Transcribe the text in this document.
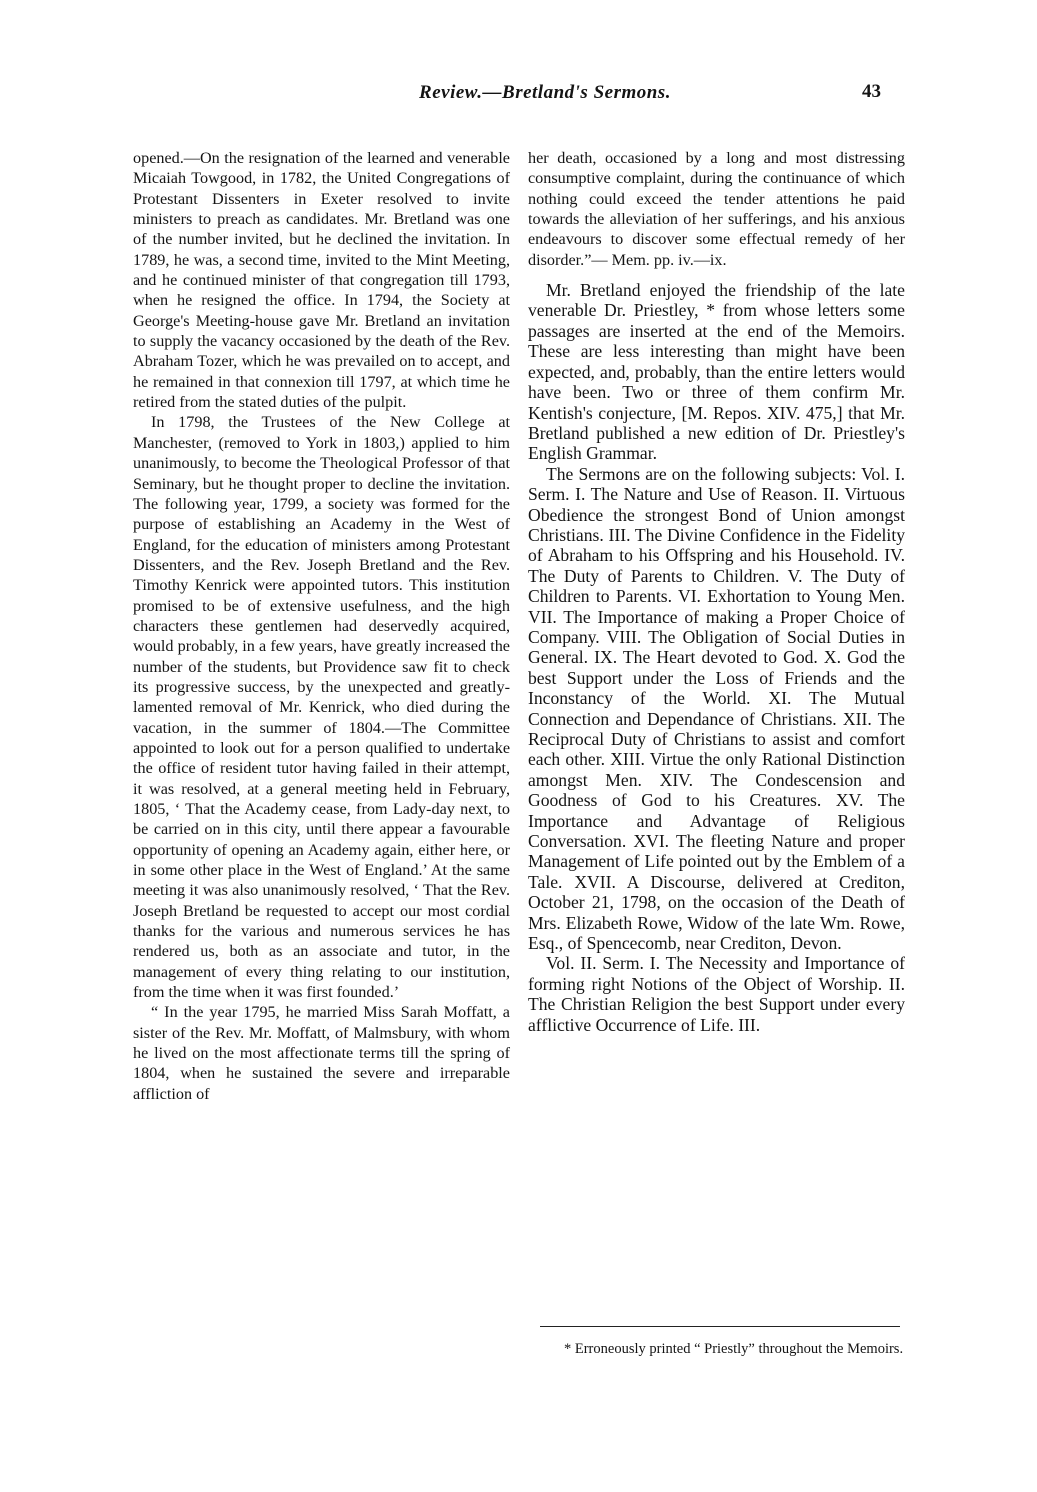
Review.—Bretland's Sermons.	43

opened.—On the resignation of the learned and venerable Micaiah Towgood, in 1782, the United Congregations of Protestant Dissenters in Exeter resolved to invite ministers to preach as candidates. Mr. Bretland was one of the number invited, but he declined the invitation. In 1789, he was, a second time, invited to the Mint Meeting, and he continued minister of that congregation till 1793, when he resigned the office. In 1794, the Society at George's Meeting-house gave Mr. Bretland an invitation to supply the vacancy occasioned by the death of the Rev. Abraham Tozer, which he was prevailed on to accept, and he remained in that connexion till 1797, at which time he retired from the stated duties of the pulpit.

In 1798, the Trustees of the New College at Manchester, (removed to York in 1803,) applied to him unanimously, to become the Theological Professor of that Seminary, but he thought proper to decline the invitation. The following year, 1799, a society was formed for the purpose of establishing an Academy in the West of England, for the education of ministers among Protestant Dissenters, and the Rev. Joseph Bretland and the Rev. Timothy Kenrick were appointed tutors. This institution promised to be of extensive usefulness, and the high characters these gentlemen had deservedly acquired, would probably, in a few years, have greatly increased the number of the students, but Providence saw fit to check its progressive success, by the unexpected and greatly-lamented removal of Mr. Kenrick, who died during the vacation, in the summer of 1804.—The Committee appointed to look out for a person qualified to undertake the office of resident tutor having failed in their attempt, it was resolved, at a general meeting held in February, 1805, ‘ That the Academy cease, from Lady-day next, to be carried on in this city, until there appear a favourable opportunity of opening an Academy again, either here, or in some other place in the West of England.’ At the same meeting it was also unanimously resolved, ‘ That the Rev. Joseph Bretland be requested to accept our most cordial thanks for the various and numerous services he has rendered us, both as an associate and tutor, in the management of every thing relating to our institution, from the time when it was first founded.’

“ In the year 1795, he married Miss Sarah Moffatt, a sister of the Rev. Mr. Moffatt, of Malmsbury, with whom he lived on the most affectionate terms till the spring of 1804, when he sustained the severe and irreparable affliction of

her death, occasioned by a long and most distressing consumptive complaint, during the continuance of which nothing could exceed the tender attentions he paid towards the alleviation of her sufferings, and his anxious endeavours to discover some effectual remedy of her disorder.”— Mem. pp. iv.—ix.

Mr. Bretland enjoyed the friendship of the late venerable Dr. Priestley, * from whose letters some passages are inserted at the end of the Memoirs. These are less interesting than might have been expected, and, probably, than the entire letters would have been. Two or three of them confirm Mr. Kentish's conjecture, [M. Repos. XIV. 475,] that Mr. Bretland published a new edition of Dr. Priestley's English Grammar.

The Sermons are on the following subjects: Vol. I. Serm. I. The Nature and Use of Reason. II. Virtuous Obedience the strongest Bond of Union amongst Christians. III. The Divine Confidence in the Fidelity of Abraham to his Offspring and his Household. IV. The Duty of Parents to Children. V. The Duty of Children to Parents. VI. Exhortation to Young Men. VII. The Importance of making a Proper Choice of Company. VIII. The Obligation of Social Duties in General. IX. The Heart devoted to God. X. God the best Support under the Loss of Friends and the Inconstancy of the World. XI. The Mutual Connection and Dependance of Christians. XII. The Reciprocal Duty of Christians to assist and comfort each other. XIII. Virtue the only Rational Distinction amongst Men. XIV. The Condescension and Goodness of God to his Creatures. XV. The Importance and Advantage of Religious Conversation. XVI. The fleeting Nature and proper Management of Life pointed out by the Emblem of a Tale. XVII. A Discourse, delivered at Crediton, October 21, 1798, on the occasion of the Death of Mrs. Elizabeth Rowe, Widow of the late Wm. Rowe, Esq., of Spencecomb, near Crediton, Devon.

Vol. II. Serm. I. The Necessity and Importance of forming right Notions of the Object of Worship. II. The Christian Religion the best Support under every afflictive Occurrence of Life. III.

* Erroneously printed “ Priestly” throughout the Memoirs.
